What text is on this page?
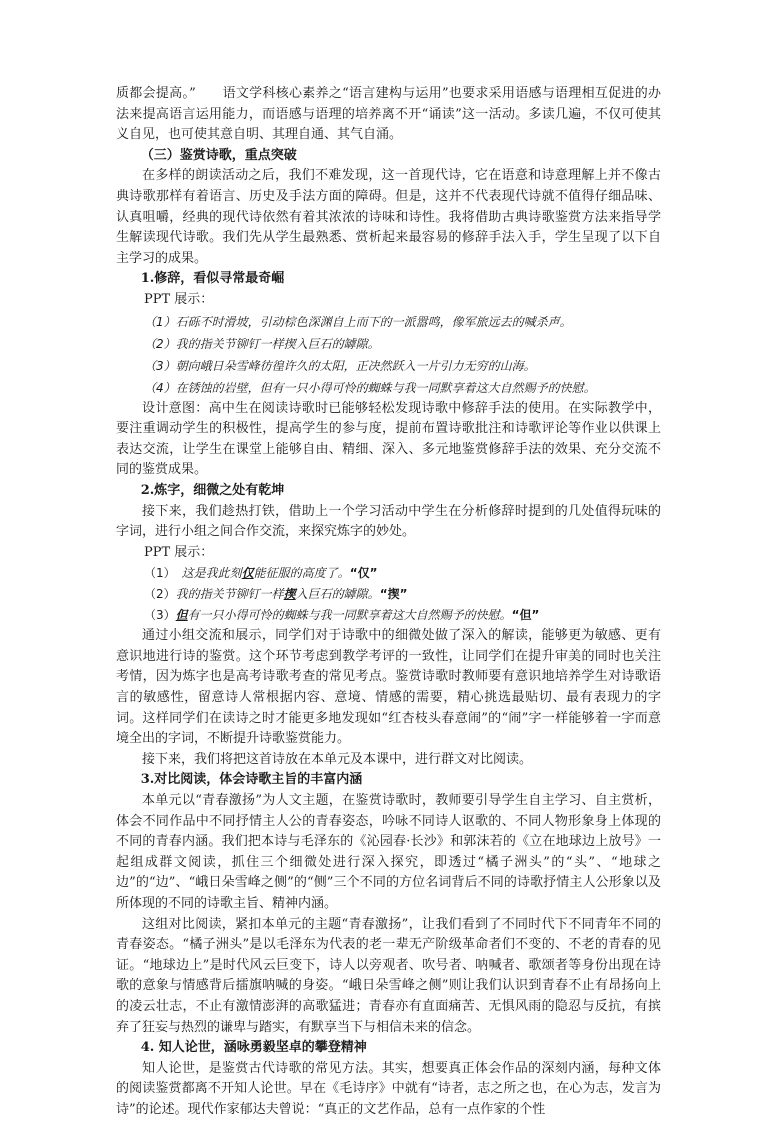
质都会提高。”　　语文学科核心素养之“语言建构与运用”也要求采用语感与语理相互促进的办法来提高语言运用能力，而语感与语理的培养离不开“诵读”这一活动。多读几遍，不仅可使其义自见，也可使其意自明、其理自通、其气自涌。

（三）鉴赏诗歌，重点突破

在多样的朗读活动之后，我们不难发现，这一首现代诗，它在语意和诗意理解上并不像古典诗歌那样有着语言、历史及手法方面的障碍。但是，这并不代表现代诗就不值得仔细品味、认真咀嚼，经典的现代诗依然有着其浓浓的诗味和诗性。我将借助古典诗歌鉴赏方法来指导学生解读现代诗歌。我们先从学生最熟悉、赏析起来最容易的修辞手法入手，学生呈现了以下自主学习的成果。

1.修辞，看似寻常最奇崛

PPT 展示：

（1）石砾不时滑坡，引动棕色深渊自上而下的一派嚣鸣，像军旅远去的喊杀声。

（2）我的指关节铆钉一样揳入巨石的罅隙。

（3）朝向峨日朵雪峰彷徨许久的太阳，正决然跃入一片引力无穷的山海。

（4）在锈蚀的岩壁，但有一只小得可怜的蜘蛛与我一同默享着这大自然赐予的快慰。

设计意图：高中生在阅读诗歌时已能够轻松发现诗歌中修辞手法的使用。在实际教学中，要注重调动学生的积极性，提高学生的参与度，提前布置诗歌批注和诗歌评论等作业以供课上表达交流，让学生在课堂上能够自由、精细、深入、多元地鉴赏修辞手法的效果、充分交流不同的鉴赏成果。

2.炼字，细微之处有乾坤

接下来，我们趁热打铁，借助上一个学习活动中学生在分析修辞时提到的几处值得玩味的字词，进行小组之间合作交流，来探究炼字的妙处。

PPT 展示：

（1）　这是我此刻仅能征服的高度了。“仅”

（2）我的指关节铆钉一样揳入巨石的罅隙。“揳”

（3）但有一只小得可怜的蜘蛛与我一同默享着这大自然赐予的快慰。“但”

通过小组交流和展示，同学们对于诗歌中的细微处做了深入的解读，能够更为敏感、更有意识地进行诗的鉴赏。这个环节考虑到教学考评的一致性，让同学们在提升审美的同时也关注考情，因为炼字也是高考诗歌考查的常见考点。鉴赏诗歌时教师要有意识地培养学生对诗歌语言的敏感性，留意诗人常根据内容、意境、情感的需要，精心挑选最贴切、最有表现力的字词。这样同学们在读诗之时才能更多地发现如“红杏枝头春意闹”的“闹”字一样能够着一字而意境全出的字词，不断提升诗歌鉴赏能力。

接下来，我们将把这首诗放在本单元及本课中，进行群文对比阅读。

3.对比阅读，体会诗歌主旨的丰富内涵

本单元以“青春激扬”为人文主题，在鉴赏诗歌时，教师要引导学生自主学习、自主赏析，体会不同作品中不同抒情主人公的青春姿态，吟咏不同诗人讴歌的、不同人物形象身上体现的不同的青春内涵。我们把本诗与毛泽东的《沁园春·长沙》和郭沫若的《立在地球边上放号》一起组成群文阅读，抓住三个细微处进行深入探究，即透过“橘子洲头”的“头”、“地球之边”的“边”、“峨日朵雪峰之侧”的“侧”三个不同的方位名词背后不同的诗歌抒情主人公形象以及所体现的不同的诗歌主旨、精神内涵。

这组对比阅读，紧扣本单元的主题“青春激扬”，让我们看到了不同时代下不同青年不同的青春姿态。“橘子洲头”是以毛泽东为代表的老一辈无产阶级革命者们不变的、不老的青春的见证。“地球边上”是时代风云巨变下，诗人以旁观者、吹号者、呐喊者、歌颂者等身份出现在诗歌的意象与情感背后擂旗呐喊的身姿。“峨日朵雪峰之侧”则让我们认识到青春不止有昂扬向上的凌云壮志，不止有激情澎湃的高歌猛进；青春亦有直面痛苦、无惧风雨的隐忍与反抗，有摈弃了狂妄与热烈的谦卑与踏实，有默享当下与相信未来的信念。

4. 知人论世，涵咏勇毅坚卓的攀登精神

知人论世，是鉴赏古代诗歌的常见方法。其实，想要真正体会作品的深刻内涵，每种文体的阅读鉴赏都离不开知人论世。早在《毛诗序》中就有“诗者，志之所之也，在心为志，发言为诗”的论述。现代作家郁达夫曾说：“真正的文艺作品，总有一点作家的个性
